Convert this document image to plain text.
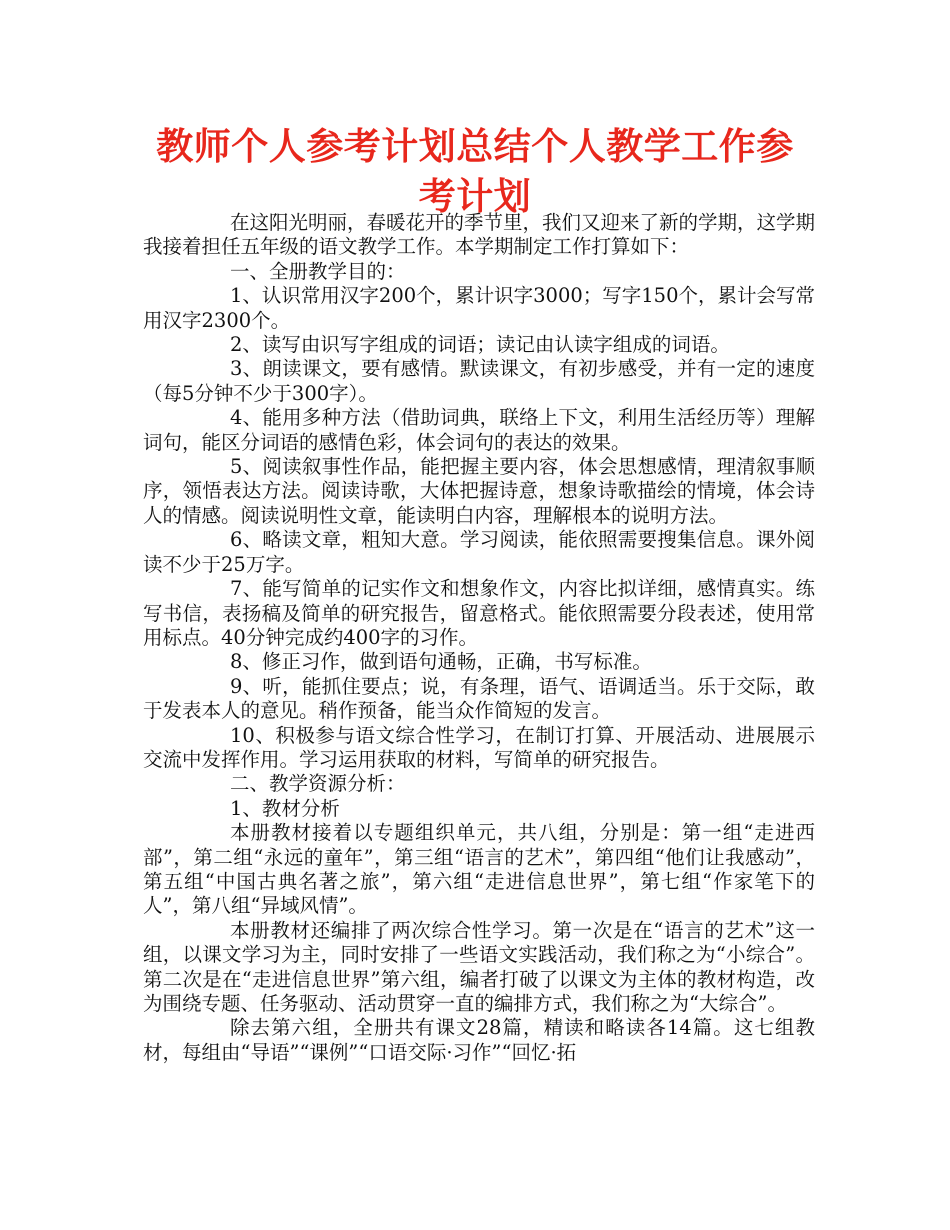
教师个人参考计划总结个人教学工作参考计划

在这阳光明丽，春暖花开的季节里，我们又迎来了新的学期，这学期我接着担任五年级的语文教学工作。本学期制定工作打算如下：

一、全册教学目的：

1、认识常用汉字200个，累计识字3000；写字150个，累计会写常用汉字2300个。

2、读写由识写字组成的词语；读记由认读字组成的词语。

3、朗读课文，要有感情。默读课文，有初步感受，并有一定的速度（每5分钟不少于300字）。

4、能用多种方法（借助词典，联络上下文，利用生活经历等）理解词句，能区分词语的感情色彩，体会词句的表达的效果。

5、阅读叙事性作品，能把握主要内容，体会思想感情，理清叙事顺序，领悟表达方法。阅读诗歌，大体把握诗意，想象诗歌描绘的情境，体会诗人的情感。阅读说明性文章，能读明白内容，理解根本的说明方法。

6、略读文章，粗知大意。学习阅读，能依照需要搜集信息。课外阅读不少于25万字。

7、能写简单的记实作文和想象作文，内容比拟详细，感情真实。练写书信，表扬稿及简单的研究报告，留意格式。能依照需要分段表述，使用常用标点。40分钟完成约400字的习作。

8、修正习作，做到语句通畅，正确，书写标准。

9、听，能抓住要点；说，有条理，语气、语调适当。乐于交际，敢于发表本人的意见。稍作预备，能当众作简短的发言。

10、积极参与语文综合性学习，在制订打算、开展活动、进展展示交流中发挥作用。学习运用获取的材料，写简单的研究报告。

二、教学资源分析：

1、教材分析

本册教材接着以专题组织单元，共八组，分别是：第一组“走进西部”，第二组“永远的童年”，第三组“语言的艺术”，第四组“他们让我感动”，第五组“中国古典名著之旅”，第六组“走进信息世界”，第七组“作家笔下的人”，第八组“异域风情”。

本册教材还编排了两次综合性学习。第一次是在“语言的艺术”这一组，以课文学习为主，同时安排了一些语文实践活动，我们称之为“小综合”。第二次是在“走进信息世界”第六组，编者打破了以课文为主体的教材构造，改为围绕专题、任务驱动、活动贯穿一直的编排方式，我们称之为“大综合”。

除去第六组，全册共有课文28篇，精读和略读各14篇。这七组教材，每组由“导语”“课例”“口语交际·习作”“回忆·拓
